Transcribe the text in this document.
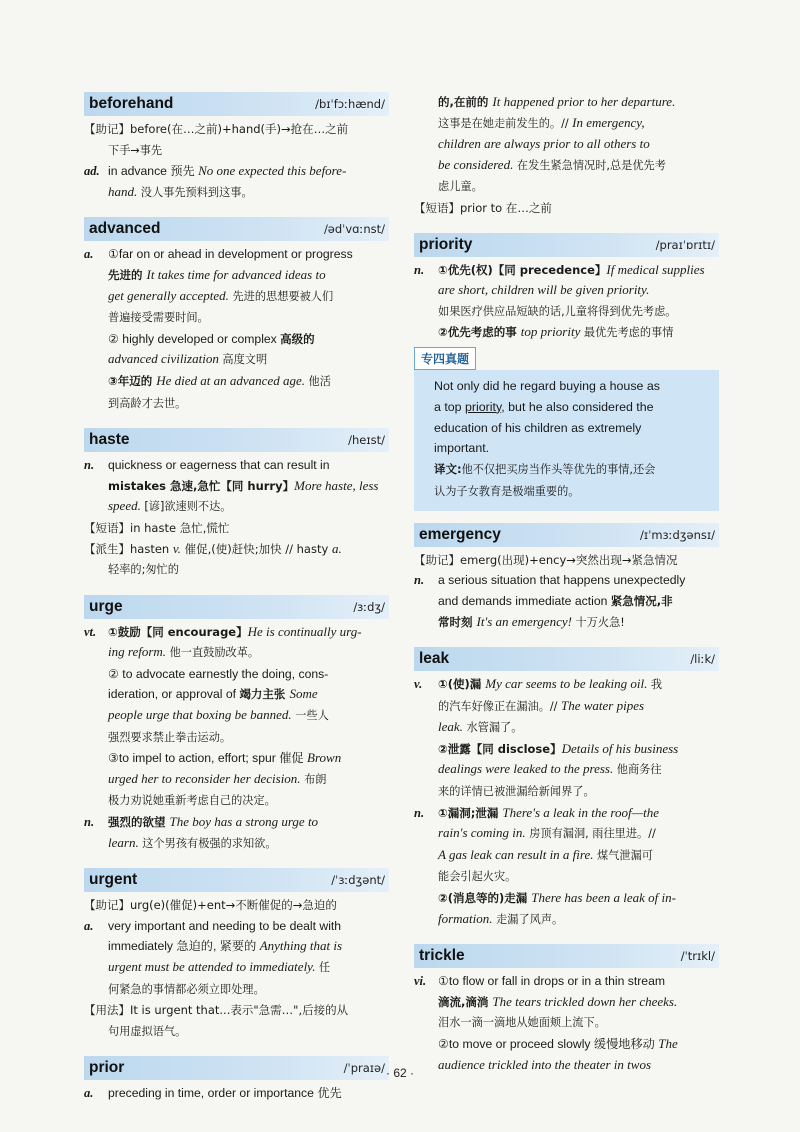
beforehand	/bɪˈfɔːhænd/
【助记】before(在…之前)+hand(手)→抢在…之前
下手→事先
ad. in advance 预先 No one expected this before-
hand. 没人事先预料到这事。
advanced	/ədˈvɑːnst/
a. ①far on or ahead in development or progress
先进的 It takes time for advanced ideas to
get generally accepted. 先进的思想要被人们
普遍接受需要时间。
② highly developed or complex 高级的
advanced civilization 高度文明
③年迈的 He died at an advanced age. 他活
到高龄才去世。
haste	/heɪst/
n. quickness or eagerness that can result in
mistakes 急速,急忙【同 hurry】More haste, less
speed. [谚]欲速则不达。
【短语】in haste 急忙,慌忙
【派生】hasten v. 催促,(使)赶快;加快 // hasty a.
轻率的;匆忙的
urge	/ɜːdʒ/
vt. ①鼓励【同 encourage】He is continually urg-
ing reform. 他一直鼓励改革。
② to advocate earnestly the doing, cons-
ideration, or approval of 竭力主张 Some
people urge that boxing be banned. 一些人
强烈要求禁止拳击运动。
③to impel to action, effort; spur 催促 Brown
urged her to reconsider her decision. 布朗
极力劝说她重新考虑自己的决定。
n. 强烈的欲望 The boy has a strong urge to
learn. 这个男孩有极强的求知欲。
urgent	/ˈɜːdʒənt/
【助记】urg(e)(催促)+ent→不断催促的→急迫的
a. very important and needing to be dealt with
immediately 急迫的, 紧要的 Anything that is
urgent must be attended to immediately. 任
何紧急的事情都必须立即处理。
【用法】It is urgent that...表示"急需…",后接的从
句用虚拟语气。
prior	/ˈpraɪə/
a. preceding in time, order or importance 优先
的,在前的 It happened prior to her departure.
这事是在她走前发生的。// In emergency,
children are always prior to all others to
be considered. 在发生紧急情况时,总是优先考
虑儿童。
【短语】prior to 在…之前
priority	/praɪˈɒrɪtɪ/
n. ①优先(权)【同 precedence】If medical supplies
are short, children will be given priority.
如果医疗供应品短缺的话,儿童将得到优先考虑。
②优先考虑的事 top priority 最优先考虑的事情
专四真题
Not only did he regard buying a house as
a top priority, but he also considered the
education of his children as extremely
important.
译文:他不仅把买房当作头等优先的事情,还会
认为子女教育是极端重要的。
emergency	/ɪˈmɜːdʒənsɪ/
【助记】emerg(出现)+ency→突然出现→紧急情况
n. a serious situation that happens unexpectedly
and demands immediate action 紧急情况,非
常时刻 It's an emergency! 十万火急!
leak	/liːk/
v. ①(使)漏 My car seems to be leaking oil. 我
的汽车好像正在漏油。// The water pipes
leak. 水管漏了。
②泄露【同 disclose】Details of his business
dealings were leaked to the press. 他商务往
来的详情已被泄漏给新闻界了。
n. ①漏洞;泄漏 There's a leak in the roof—the
rain's coming in. 房顶有漏洞, 雨往里进。//
A gas leak can result in a fire. 煤气泄漏可
能会引起火灾。
②(消息等的)走漏 There has been a leak of in-
formation. 走漏了风声。
trickle	/ˈtrɪkl/
vi. ①to flow or fall in drops or in a thin stream
滴流,滴淌 The tears trickled down her cheeks.
泪水一滴一滴地从她面颊上流下。
②to move or proceed slowly 缓慢地移动 The
audience trickled into the theater in twos
· 62 ·
